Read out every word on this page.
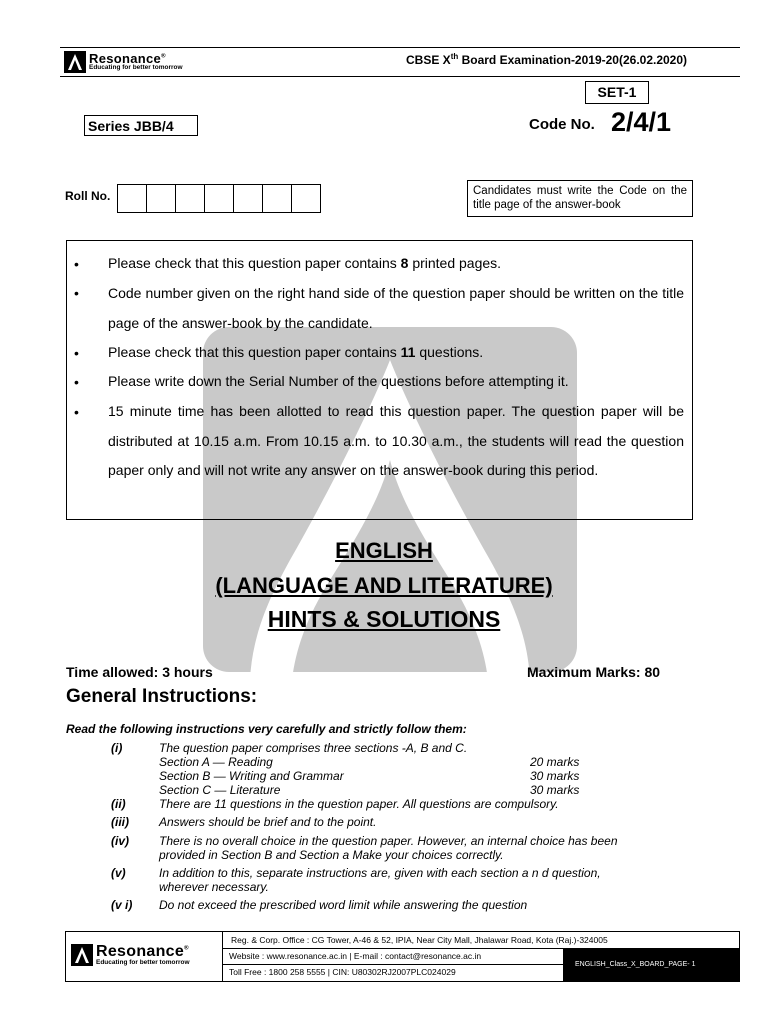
Resonance®
Educating for better tomorrow
CBSE Xth Board Examination-2019-20(26.02.2020)
SET-1
Series JBB/4	Code No. 2/4/1
Roll No.	Candidates must write the Code on the title page of the answer-book
• Please check that this question paper contains 8 printed pages.
• Code number given on the right hand side of the question paper should be written on the title page of the answer-book by the candidate.
• Please check that this question paper contains 11 questions.
• Please write down the Serial Number of the questions before attempting it.
• 15 minute time has been allotted to read this question paper. The question paper will be distributed at 10.15 a.m. From 10.15 a.m. to 10.30 a.m., the students will read the question paper only and will not write any answer on the answer-book during this period.
ENGLISH
(LANGUAGE AND LITERATURE)
HINTS & SOLUTIONS
Time allowed: 3 hours	Maximum Marks: 80
General Instructions:
Read the following instructions very carefully and strictly follow them:
(i)	The question paper comprises three sections -A, B and C.
Section A — Reading	20 marks
Section B — Writing and Grammar	30 marks
Section C — Literature	30 marks
(ii)	There are 11 questions in the question paper. All questions are compulsory.
(iii)	Answers should be brief and to the point.
(iv)	There is no overall choice in the question paper. However, an internal choice has been
provided in Section B and Section a Make your choices correctly.
(v)	In addition to this, separate instructions are, given with each section a n d question,
wherever necessary.
(v i) Do not exceed the prescribed word limit while answering the question
Resonance®
Educating for better tomorrow
Reg. & Corp. Office : CG Tower, A-46 & 52, IPIA, Near City Mall, Jhalawar Road, Kota (Raj.)-324005
Website : www.resonance.ac.in | E-mail : contact@resonance.ac.in
Toll Free : 1800 258 5555 | CIN: U80302RJ2007PLC024029
ENGLISH_Class_X_BOARD_PAGE- 1
